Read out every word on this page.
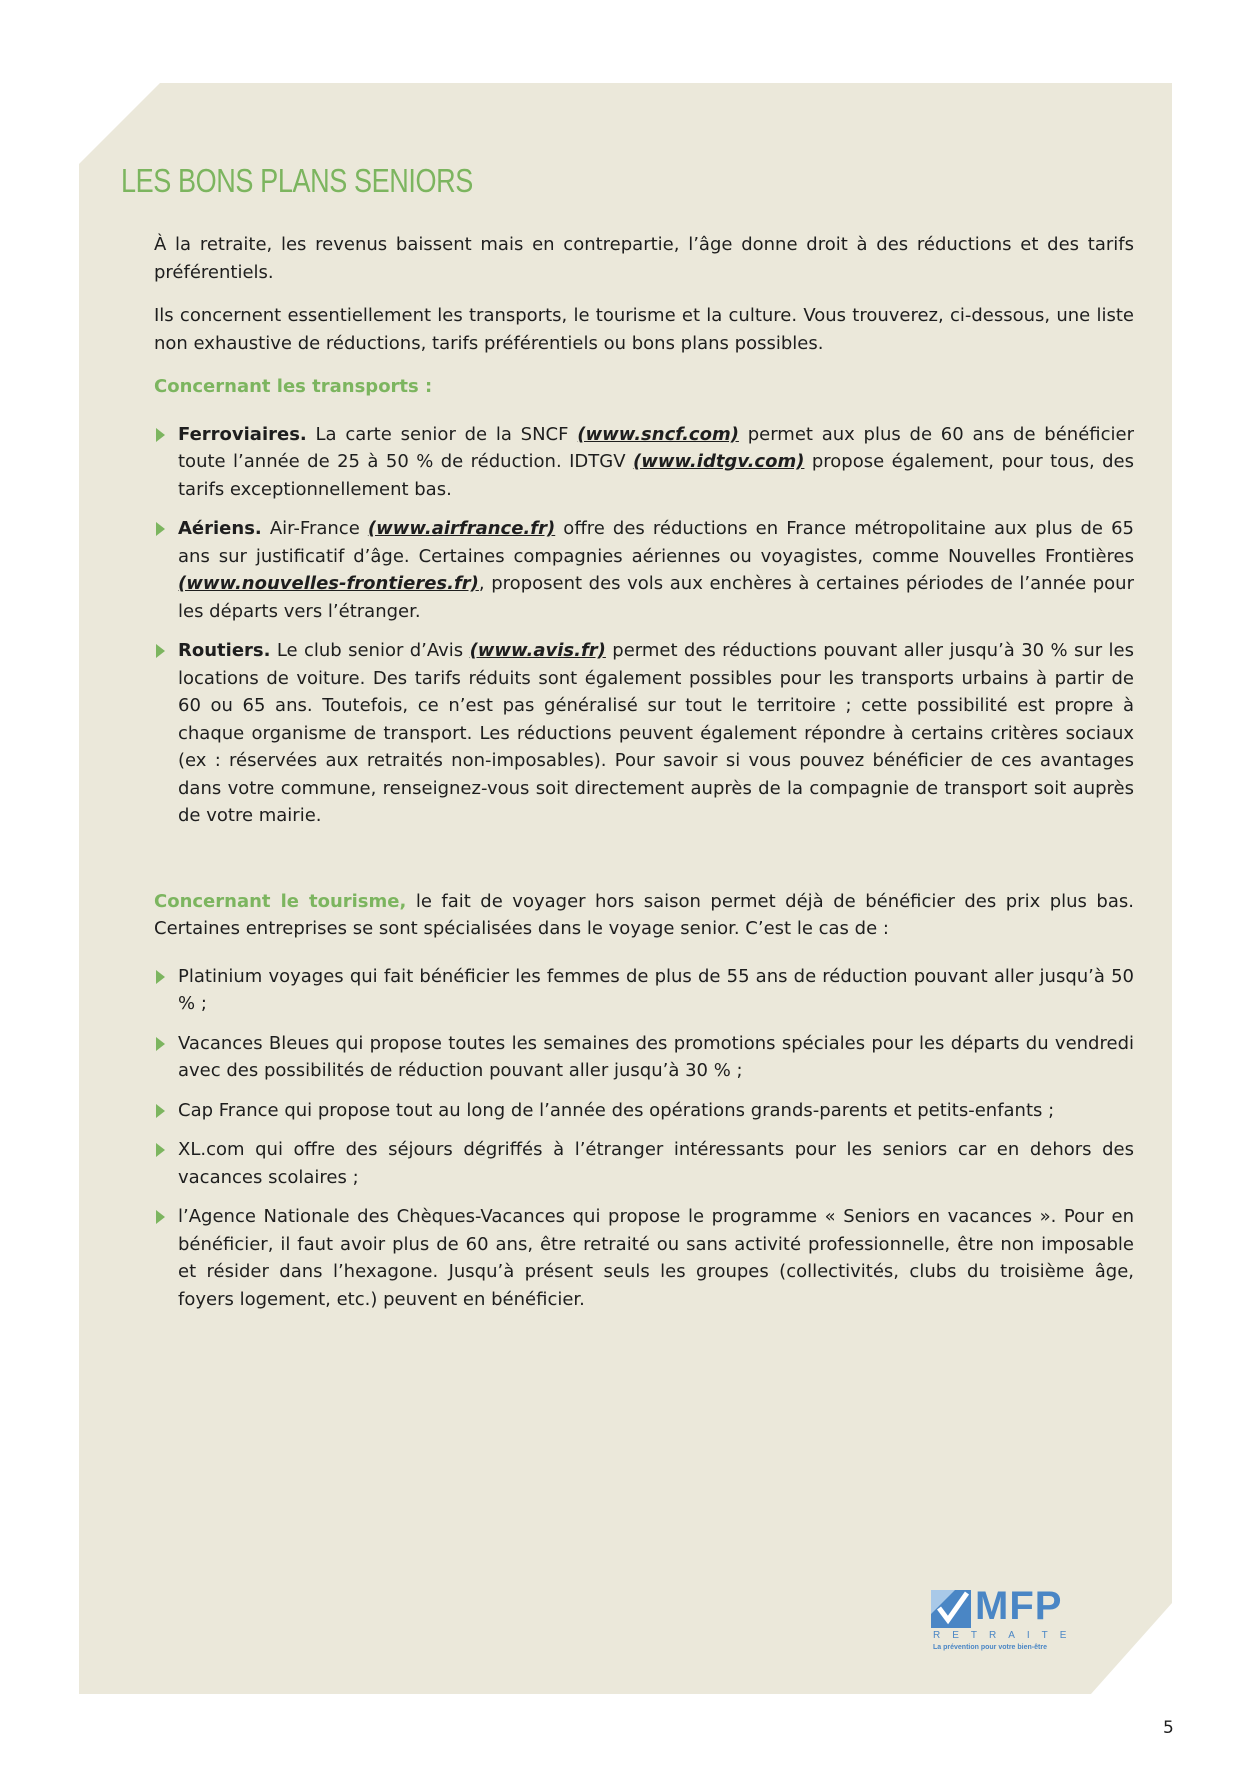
LES BONS PLANS SENIORS

À la retraite, les revenus baissent mais en contrepartie, l’âge donne droit à des réductions et des tarifs préférentiels.

Ils concernent essentiellement les transports, le tourisme et la culture. Vous trouverez, ci-dessous, une liste non exhaustive de réductions, tarifs préférentiels ou bons plans possibles.

Concernant les transports :
Ferroviaires. La carte senior de la SNCF (www.sncf.com) permet aux plus de 60 ans de bénéficier toute l’année de 25 à 50 % de réduction. IDTGV (www.idtgv.com) propose également, pour tous, des tarifs exceptionnellement bas.
Aériens. Air-France (www.airfrance.fr) offre des réductions en France métropolitaine aux plus de 65 ans sur justificatif d’âge. Certaines compagnies aériennes ou voyagistes, comme Nouvelles Frontières (www.nouvelles-frontieres.fr), proposent des vols aux enchères à certaines périodes de l’année pour les départs vers l’étranger.
Routiers. Le club senior d’Avis (www.avis.fr) permet des réductions pouvant aller jusqu’à 30 % sur les locations de voiture. Des tarifs réduits sont également possibles pour les transports urbains à partir de 60 ou 65 ans. Toutefois, ce n’est pas généralisé sur tout le territoire ; cette possibilité est propre à chaque organisme de transport. Les réductions peuvent également répondre à certains critères sociaux (ex : réservées aux retraités non-imposables). Pour savoir si vous pouvez bénéficier de ces avantages dans votre commune, renseignez-vous soit directement auprès de la compagnie de transport soit auprès de votre mairie.

Concernant le tourisme, le fait de voyager hors saison permet déjà de bénéficier des prix plus bas. Certaines entreprises se sont spécialisées dans le voyage senior. C’est le cas de :

Platinium voyages qui fait bénéficier les femmes de plus de 55 ans de réduction pouvant aller jusqu’à 50 % ;
Vacances Bleues qui propose toutes les semaines des promotions spéciales pour les départs du vendredi avec des possibilités de réduction pouvant aller jusqu’à 30 % ;
Cap France qui propose tout au long de l’année des opérations grands-parents et petits-enfants ;
XL.com qui offre des séjours dégriffés à l’étranger intéressants pour les seniors car en dehors des vacances scolaires ;
l’Agence Nationale des Chèques-Vacances qui propose le programme « Seniors en vacances ». Pour en bénéficier, il faut avoir plus de 60 ans, être retraité ou sans activité professionnelle, être non imposable et résider dans l’hexagone. Jusqu’à présent seuls les groupes (collectivités, clubs du troisième âge, foyers logement, etc.) peuvent en bénéficier.
MFP
RETRAITE
La prévention pour votre bien-être
5
